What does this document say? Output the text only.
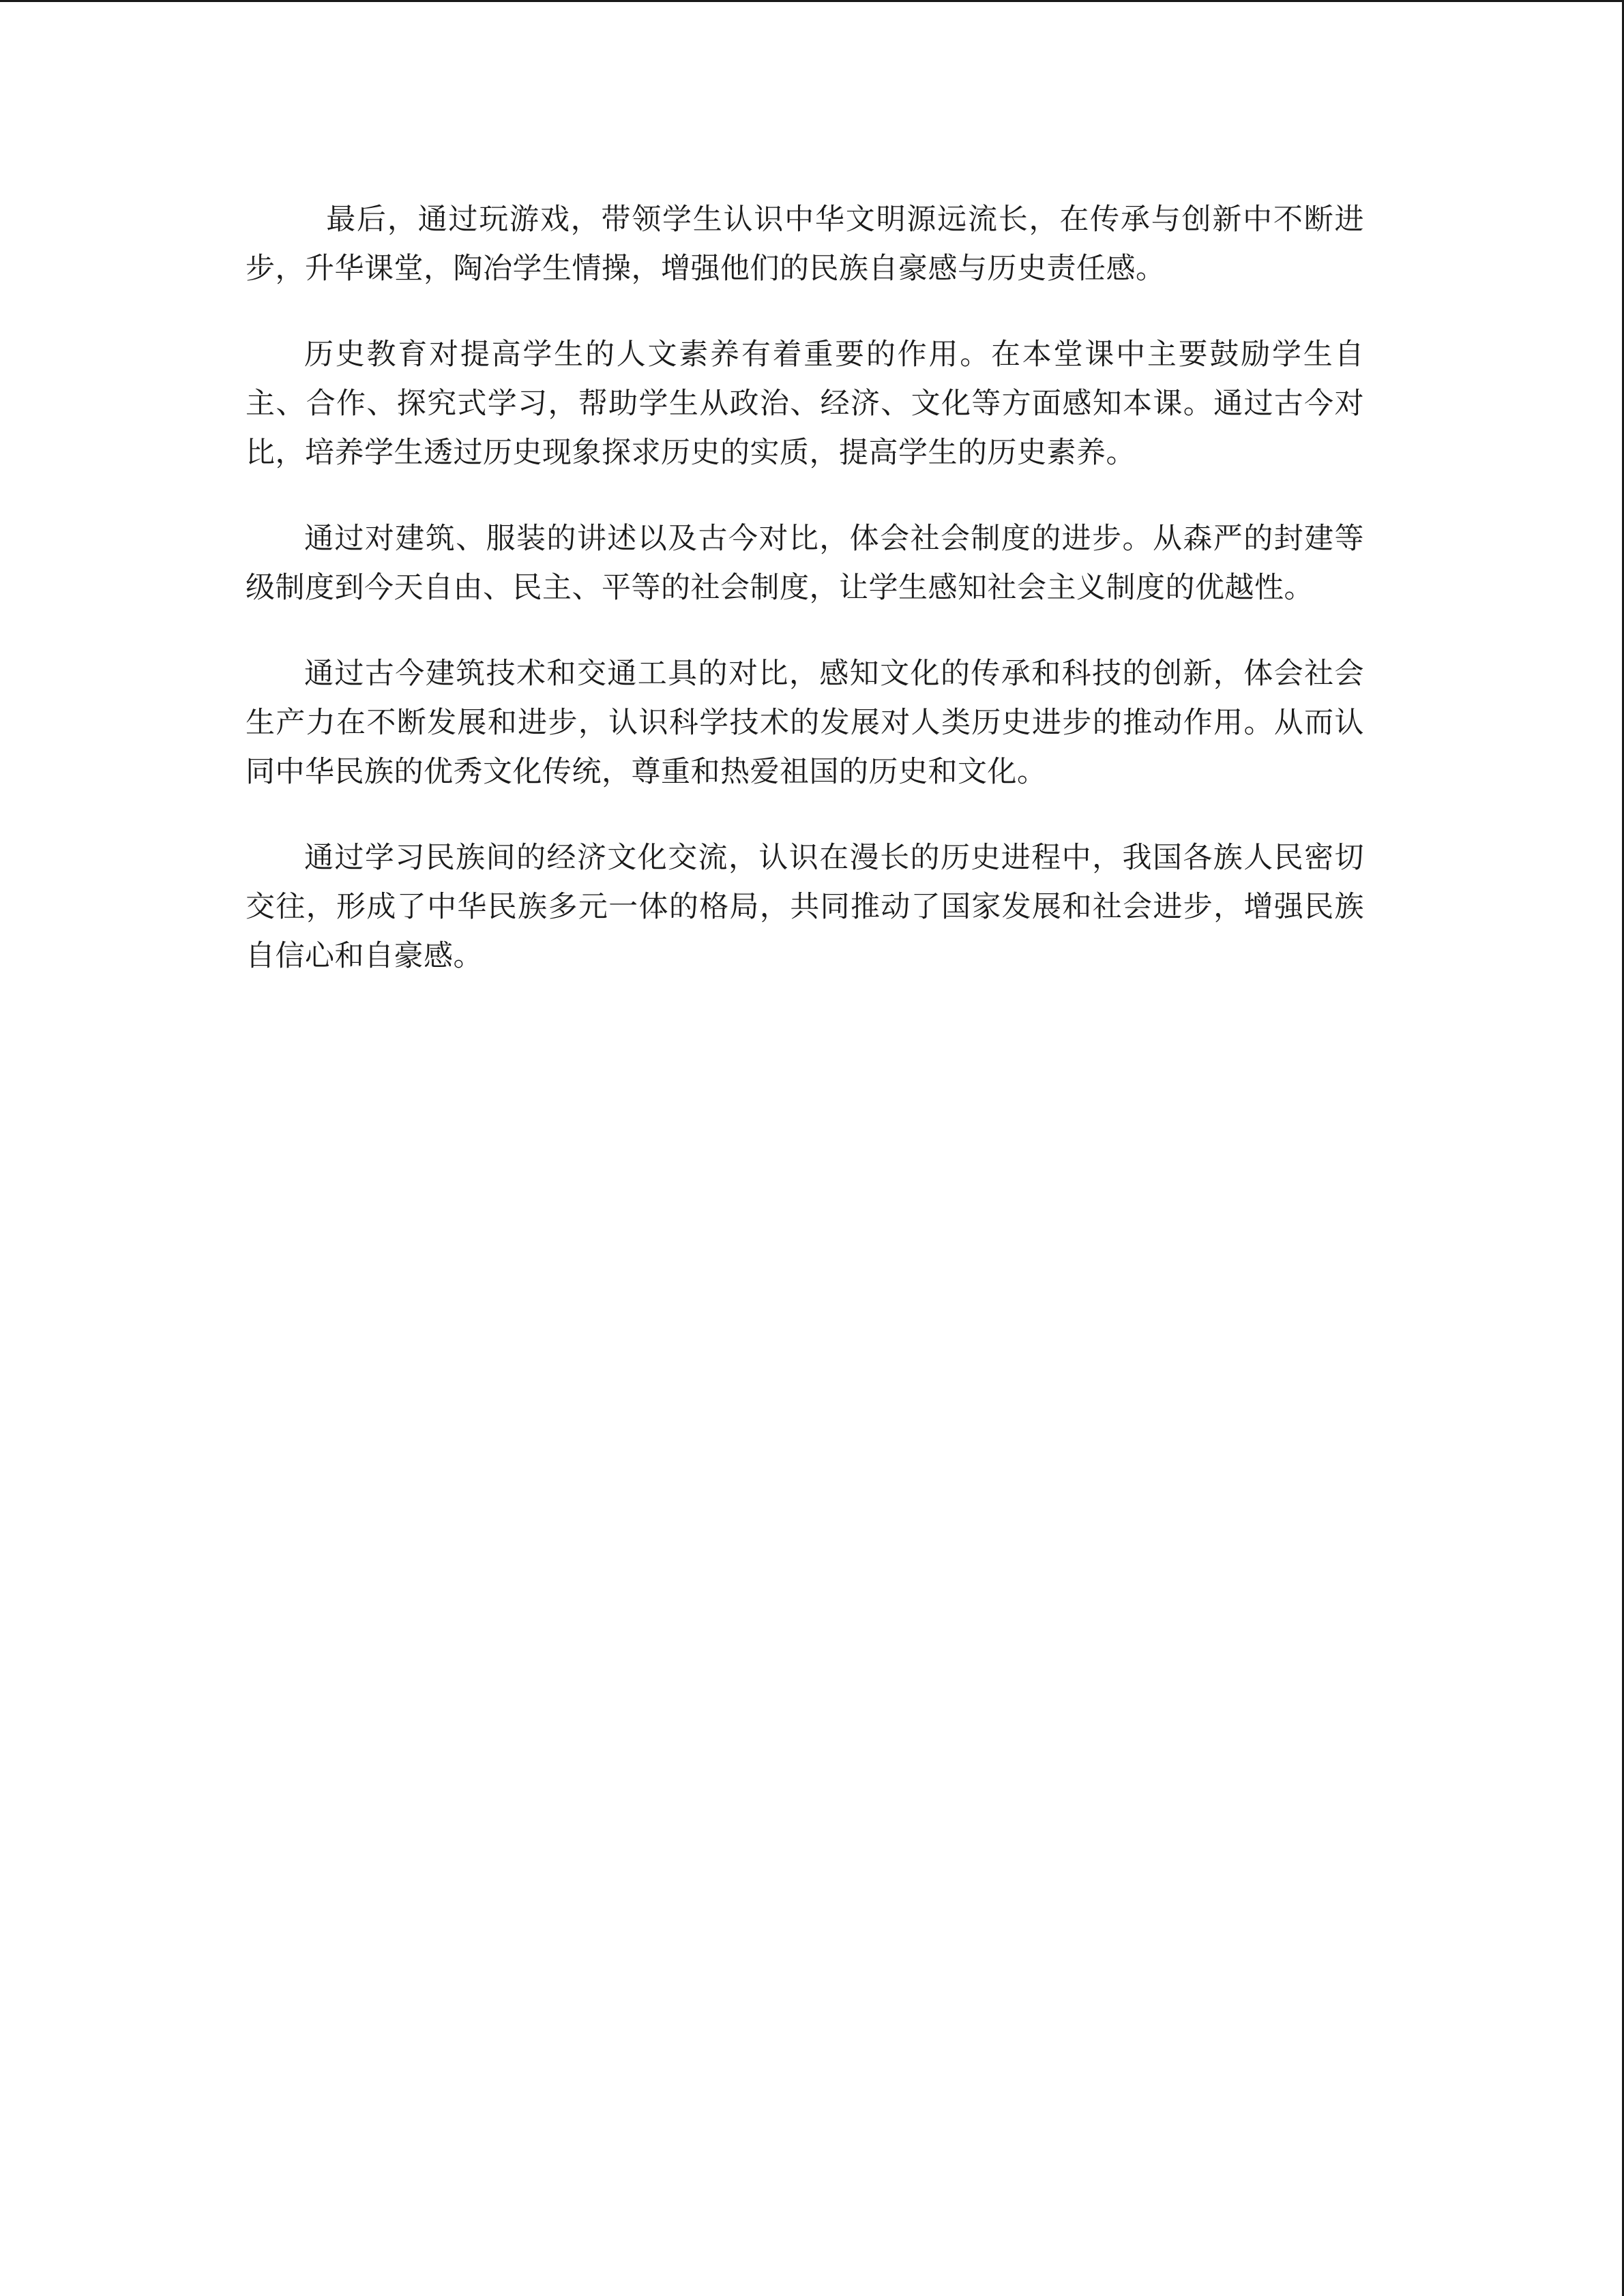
最后，通过玩游戏，带领学生认识中华文明源远流长，在传承与创新中不断进步，升华课堂，陶冶学生情操，增强他们的民族自豪感与历史责任感。

历史教育对提高学生的人文素养有着重要的作用。在本堂课中主要鼓励学生自主、合作、探究式学习，帮助学生从政治、经济、文化等方面感知本课。通过古今对比，培养学生透过历史现象探求历史的实质，提高学生的历史素养。

通过对建筑、服装的讲述以及古今对比，体会社会制度的进步。从森严的封建等级制度到今天自由、民主、平等的社会制度，让学生感知社会主义制度的优越性。

通过古今建筑技术和交通工具的对比，感知文化的传承和科技的创新，体会社会生产力在不断发展和进步，认识科学技术的发展对人类历史进步的推动作用。从而认同中华民族的优秀文化传统，尊重和热爱祖国的历史和文化。

通过学习民族间的经济文化交流，认识在漫长的历史进程中，我国各族人民密切交往，形成了中华民族多元一体的格局，共同推动了国家发展和社会进步，增强民族自信心和自豪感。
